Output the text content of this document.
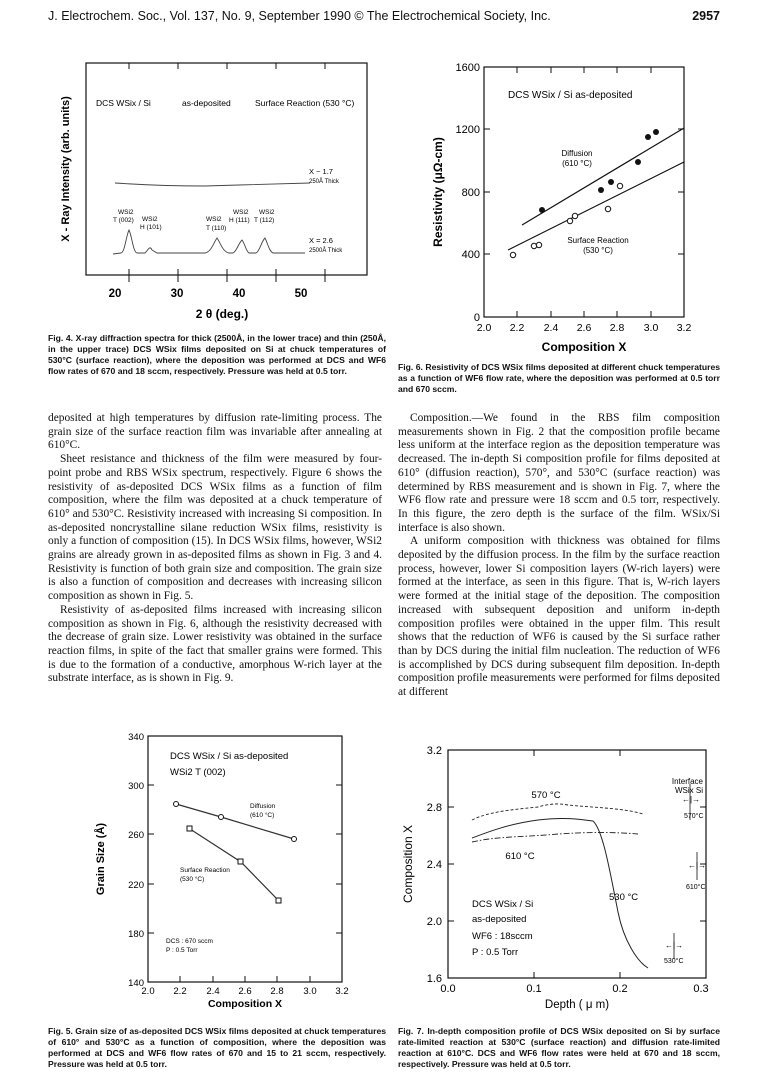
J. Electrochem. Soc., Vol. 137, No. 9, September 1990 © The Electrochemical Society, Inc.	2957
X - Ray Intensity (arb. units)	DCS WSix / Si	as-deposited	Surface Reaction (530 °C)
X ~ 1.7
250Å Thick
X = 2.6
2500Å Thick
WSi2
T (002) WSi2
H (101)
WSi2
T (110)
WSi2
H (111)
WSi2
T (112)
20	30	40	50
2 θ (deg.)
Fig. 4. X-ray diffraction spectra for thick (2500Å, in the lower trace) and thin (250Å, in the upper trace) DCS WSix films deposited on Si at chuck temperatures of 530°C (surface reaction), where the deposition was performed at DCS and WF6 flow rates of 670 and 18 sccm, respectively. Pressure was held at 0.5 torr.
0
400
800
1200
1600
Resistivity (μΩ-cm)
DCS WSix / Si as-deposited
Diffusion
(610 °C)
Surface Reaction
(530 °C)
2.0 2.2 2.4 2.6 2.8 3.0 3.2
Composition X
Fig. 6. Resistivity of DCS WSix films deposited at different chuck temperatures as a function of WF6 flow rate, where the deposition was performed at 0.5 torr and 670 sccm.

deposited at high temperatures by diffusion rate-limiting process. The grain size of the surface reaction film was invariable after annealing at 610°C.

Sheet resistance and thickness of the film were measured by four-point probe and RBS WSix spectrum, respectively. Figure 6 shows the resistivity of as-deposited DCS WSix films as a function of film composition, where the film was deposited at a chuck temperature of 610° and 530°C. Resistivity increased with increasing Si composition. In as-deposited noncrystalline silane reduction WSix films, resistivity is only a function of composition (15). In DCS WSix films, however, WSi2 grains are already grown in as-deposited films as shown in Fig. 3 and 4. Resistivity is function of both grain size and composition. The grain size is also a function of composition and decreases with increasing silicon composition as shown in Fig. 5.

Resistivity of as-deposited films increased with increasing silicon composition as shown in Fig. 6, although the resistivity decreased with the decrease of grain size. Lower resistivity was obtained in the surface reaction films, in spite of the fact that smaller grains were formed. This is due to the formation of a conductive, amorphous W-rich layer at the substrate interface, as is shown in Fig. 9.

Composition.—We found in the RBS film composition measurements shown in Fig. 2 that the composition profile became less uniform at the interface region as the deposition temperature was decreased. The in-depth Si composition profile for films deposited at 610° (diffusion reaction), 570°, and 530°C (surface reaction) was determined by RBS measurement and is shown in Fig. 7, where the WF6 flow rate and pressure were 18 sccm and 0.5 torr, respectively. In this figure, the zero depth is the surface of the film. WSix/Si interface is also shown.

A uniform composition with thickness was obtained for films deposited by the diffusion process. In the film by the surface reaction process, however, lower Si composition layers (W-rich layers) were formed at the interface, as seen in this figure. That is, W-rich layers were formed at the initial stage of the deposition. The composition increased with subsequent deposition and uniform in-depth composition profiles were obtained in the upper film. This result shows that the reduction of WF6 is caused by the Si surface rather than by DCS during the initial film nucleation. The reduction of WF6 is accomplished by DCS during subsequent film deposition. In-depth composition profile measurements were performed for films deposited at different

140
180
220
260
300
340
Grain Size (Å)
DCS WSix / Si as-deposited
WSi2 T (002)
Diffusion
(610 °C)
Surface Reaction
(530 °C)
DCS : 670 sccm
P : 0.5 Torr
2.0 2.2 2.4 2.6 2.8 3.0 3.2
Composition X
Fig. 5. Grain size of as-deposited DCS WSix films deposited at chuck temperatures of 610° and 530°C as a function of composition, where the deposition was performed at DCS and WF6 flow rates of 670 and 15 to 21 sccm, respectively. Pressure was held at 0.5 torr.
1.6
2.0
2.4
2.8
3.2
Composition X
570 °C
610 °C
530 °C
Interface
WSix Si
←|→
570°C
←|→
610°C
←|→
530°C
DCS WSix / Si
as-deposited
WF6 : 18sccm
P : 0.5 Torr
0.0	0.1	0.2	0.3
Depth ( μ m)
Fig. 7. In-depth composition profile of DCS WSix deposited on Si by surface rate-limited reaction at 530°C (surface reaction) and diffusion rate-limited reaction at 610°C. DCS and WF6 flow rates were held at 670 and 18 sccm, respectively. Pressure was held at 0.5 torr.
